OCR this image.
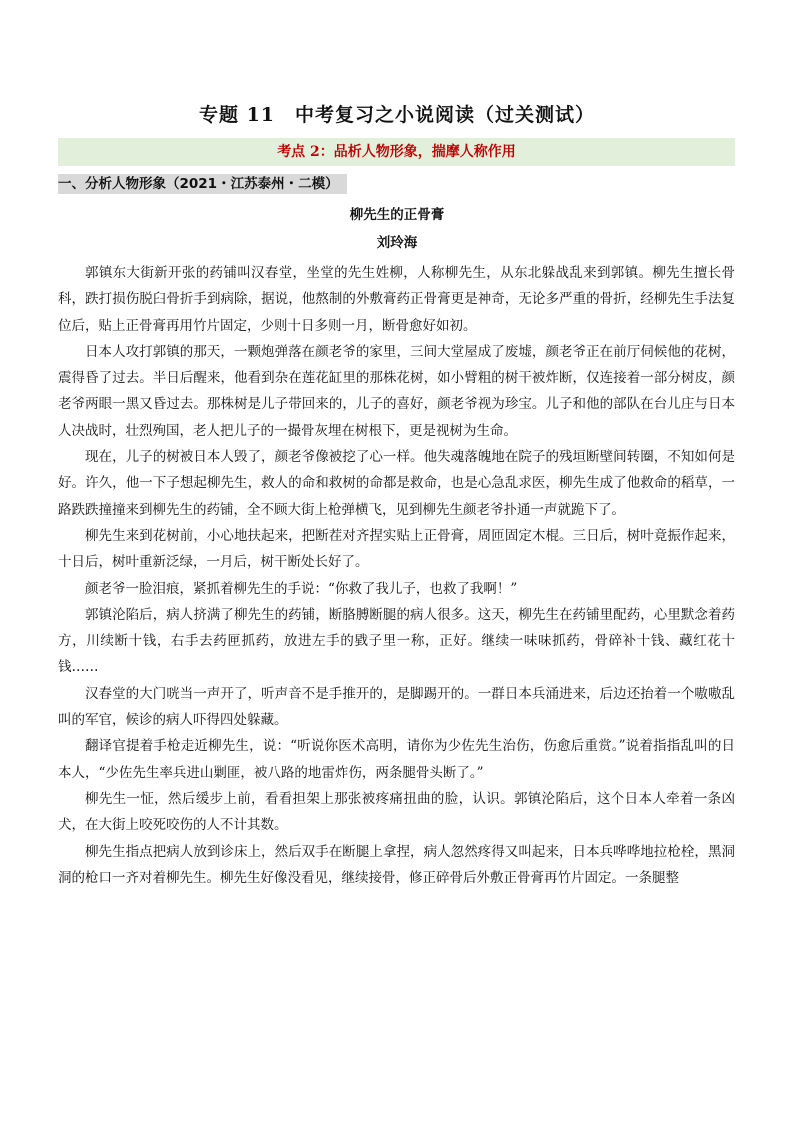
专题 11　中考复习之小说阅读（过关测试）
考点 2：品析人物形象，揣摩人称作用
一、分析人物形象（2021・江苏泰州・二模）
柳先生的正骨膏
刘玲海

郭镇东大街新开张的药铺叫汉春堂，坐堂的先生姓柳，人称柳先生，从东北躲战乱来到郭镇。柳先生擅长骨科，跌打损伤脱臼骨折手到病除，据说，他熬制的外敷膏药正骨膏更是神奇，无论多严重的骨折，经柳先生手法复位后，贴上正骨膏再用竹片固定，少则十日多则一月，断骨愈好如初。

日本人攻打郭镇的那天，一颗炮弹落在颜老爷的家里，三间大堂屋成了废墟，颜老爷正在前厅伺候他的花树，震得昏了过去。半日后醒来，他看到杂在莲花缸里的那株花树，如小臂粗的树干被炸断，仅连接着一部分树皮，颜老爷两眼一黑又昏过去。那株树是儿子带回来的，儿子的喜好，颜老爷视为珍宝。儿子和他的部队在台儿庄与日本人决战时，壮烈殉国，老人把儿子的一撮骨灰埋在树根下，更是视树为生命。

现在，儿子的树被日本人毁了，颜老爷像被挖了心一样。他失魂落魄地在院子的残垣断壁间转圈，不知如何是好。许久，他一下子想起柳先生，救人的命和救树的命都是救命，也是心急乱求医，柳先生成了他救命的稻草，一路跌跌撞撞来到柳先生的药铺，全不顾大街上枪弹横飞，见到柳先生颜老爷扑通一声就跪下了。

柳先生来到花树前，小心地扶起来，把断茬对齐捏实贴上正骨膏，周匝固定木棍。三日后，树叶竟振作起来，十日后，树叶重新泛绿，一月后，树干断处长好了。

颜老爷一脸泪痕，紧抓着柳先生的手说：“你救了我儿子，也救了我啊！”

郭镇沦陷后，病人挤满了柳先生的药铺，断胳膊断腿的病人很多。这天，柳先生在药铺里配药，心里默念着药方，川续断十钱，右手去药匣抓药，放进左手的戥子里一称，正好。继续一味味抓药，骨碎补十钱、藏红花十钱……

汉春堂的大门咣当一声开了，听声音不是手推开的，是脚踢开的。一群日本兵涌进来，后边还抬着一个嗷嗷乱叫的军官，候诊的病人吓得四处躲藏。

翻译官提着手枪走近柳先生，说：“听说你医术高明，请你为少佐先生治伤，伤愈后重赏。”说着指指乱叫的日本人，“少佐先生率兵进山剿匪，被八路的地雷炸伤，两条腿骨头断了。”

柳先生一怔，然后缓步上前，看看担架上那张被疼痛扭曲的脸，认识。郭镇沦陷后，这个日本人牵着一条凶犬，在大街上咬死咬伤的人不计其数。

柳先生指点把病人放到诊床上，然后双手在断腿上拿捏，病人忽然疼得又叫起来，日本兵哗哗地拉枪栓，黑洞洞的枪口一齐对着柳先生。柳先生好像没看见，继续接骨，修正碎骨后外敷正骨膏再竹片固定。一条腿整
